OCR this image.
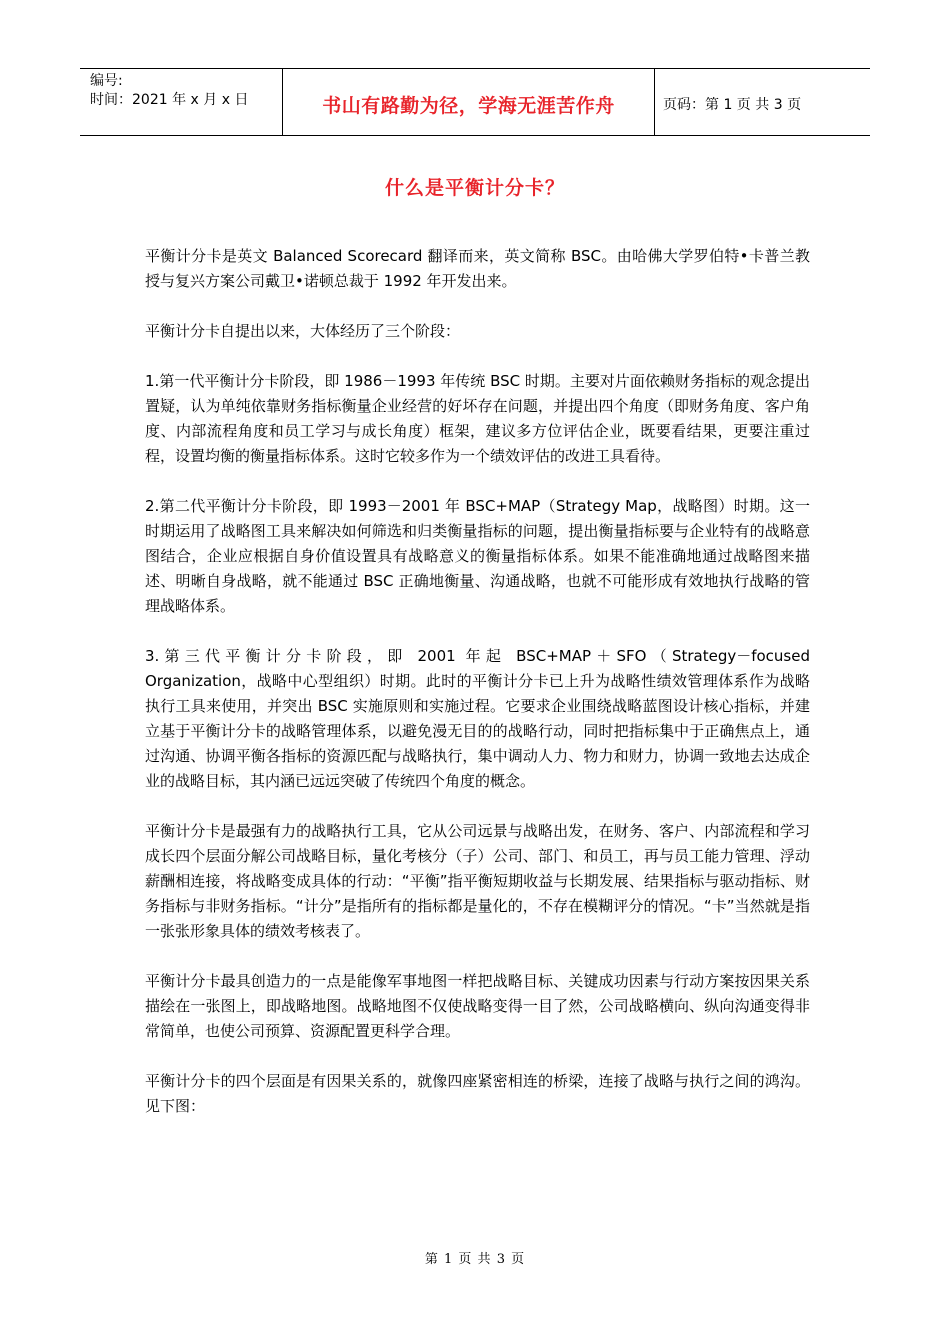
编号:
时间：2021 年 x 月 x 日	书山有路勤为径，学海无涯苦作舟	页码：第 1 页 共 3 页
什么是平衡计分卡？

平衡计分卡是英文 Balanced Scorecard 翻译而来，英文简称 BSC。由哈佛大学罗伯特•卡普兰教授与复兴方案公司戴卫•诺顿总裁于 1992 年开发出来。

平衡计分卡自提出以来，大体经历了三个阶段：

1.第一代平衡计分卡阶段，即 1986－1993 年传统 BSC 时期。主要对片面依赖财务指标的观念提出置疑，认为单纯依靠财务指标衡量企业经营的好坏存在问题，并提出四个角度（即财务角度、客户角度、内部流程角度和员工学习与成长角度）框架，建议多方位评估企业，既要看结果，更要注重过程，设置均衡的衡量指标体系。这时它较多作为一个绩效评估的改进工具看待。

2.第二代平衡计分卡阶段，即 1993－2001 年 BSC+MAP（Strategy Map，战略图）时期。这一时期运用了战略图工具来解决如何筛选和归类衡量指标的问题，提出衡量指标要与企业特有的战略意图结合，企业应根据自身价值设置具有战略意义的衡量指标体系。如果不能准确地通过战略图来描述、明晰自身战略，就不能通过 BSC 正确地衡量、沟通战略，也就不可能形成有效地执行战略的管理战略体系。

3.第三代平衡计分卡阶段，即 2001 年起 BSC+MAP＋SFO（Strategy－focused Organization，战略中心型组织）时期。此时的平衡计分卡已上升为战略性绩效管理体系作为战略执行工具来使用，并突出 BSC 实施原则和实施过程。它要求企业围绕战略蓝图设计核心指标，并建立基于平衡计分卡的战略管理体系，以避免漫无目的的战略行动，同时把指标集中于正确焦点上，通过沟通、协调平衡各指标的资源匹配与战略执行，集中调动人力、物力和财力，协调一致地去达成企业的战略目标，其内涵已远远突破了传统四个角度的概念。

平衡计分卡是最强有力的战略执行工具，它从公司远景与战略出发，在财务、客户、内部流程和学习成长四个层面分解公司战略目标，量化考核分（子）公司、部门、和员工，再与员工能力管理、浮动薪酬相连接，将战略变成具体的行动：“平衡”指平衡短期收益与长期发展、结果指标与驱动指标、财务指标与非财务指标。“计分”是指所有的指标都是量化的，不存在模糊评分的情况。“卡”当然就是指一张张形象具体的绩效考核表了。

平衡计分卡最具创造力的一点是能像军事地图一样把战略目标、关键成功因素与行动方案按因果关系描绘在一张图上，即战略地图。战略地图不仅使战略变得一目了然，公司战略横向、纵向沟通变得非常简单，也使公司预算、资源配置更科学合理。

平衡计分卡的四个层面是有因果关系的，就像四座紧密相连的桥梁，连接了战略与执行之间的鸿沟。见下图：

第 1 页 共 3 页
